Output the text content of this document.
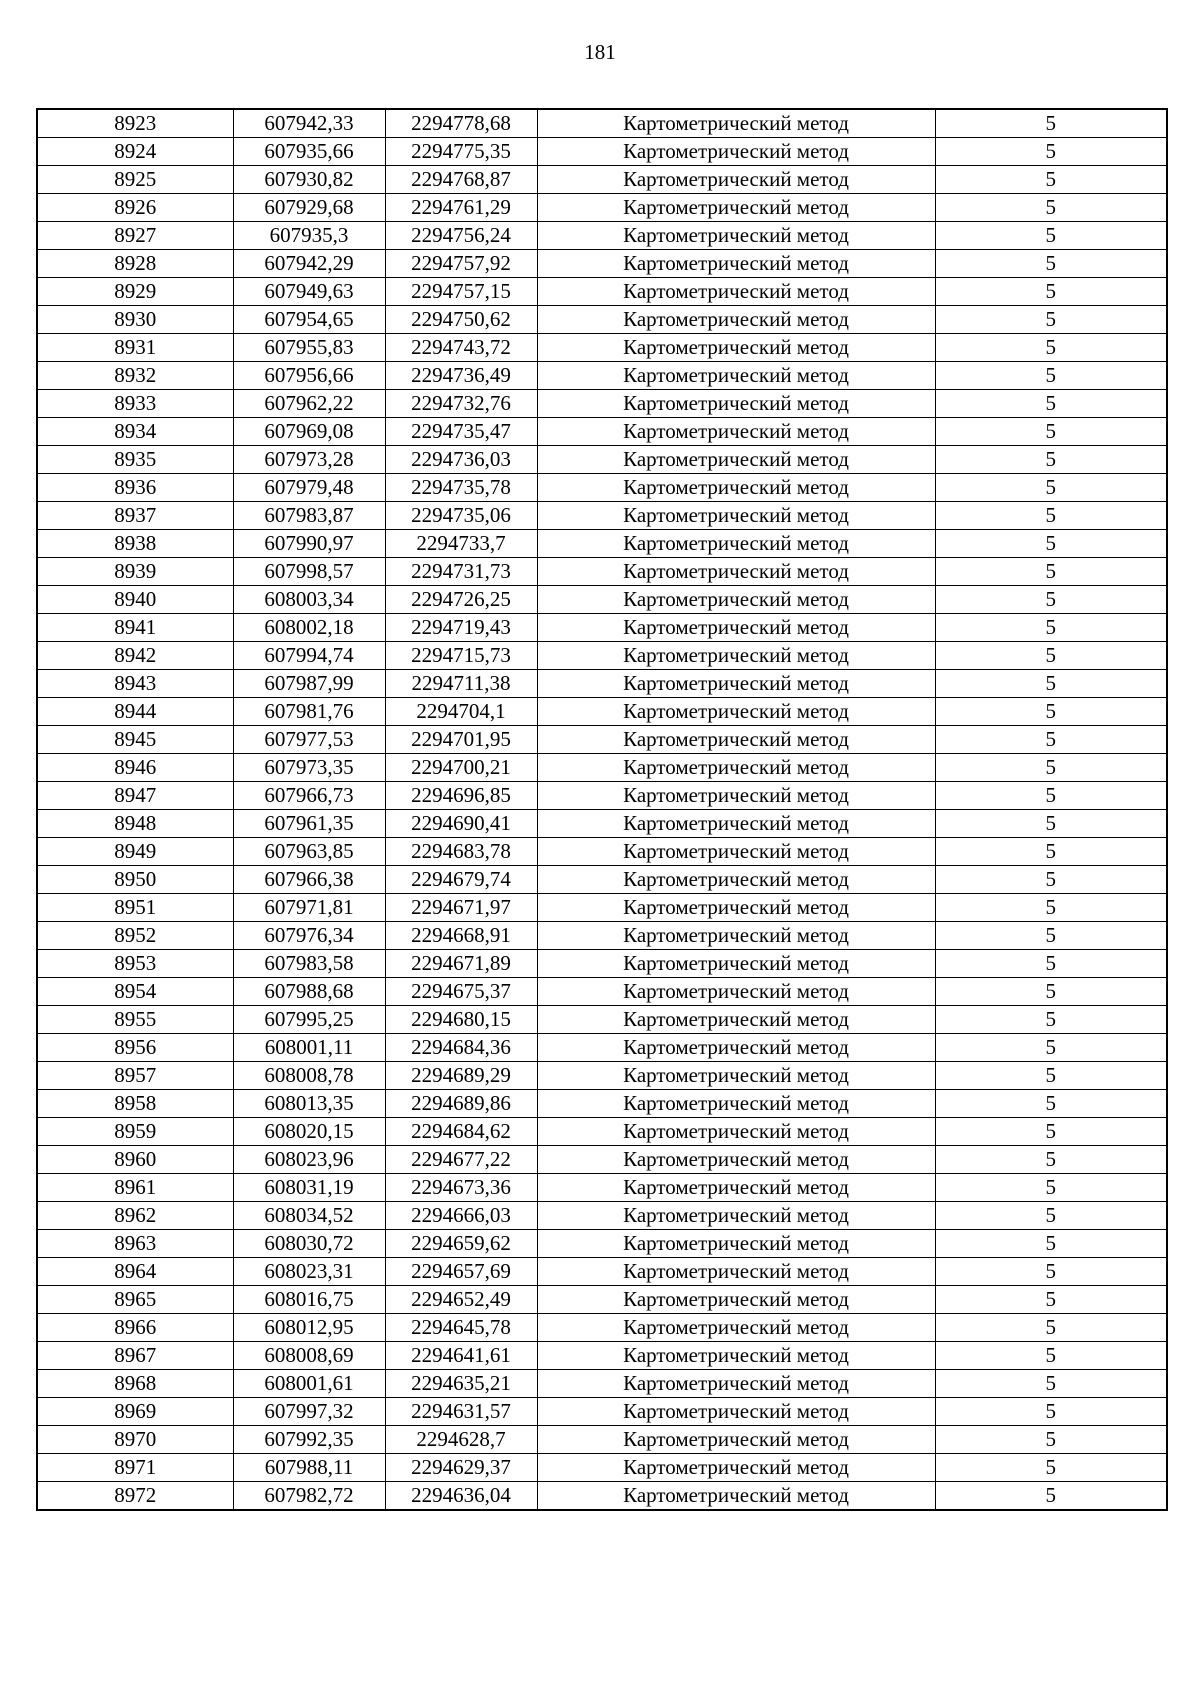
181
8923	607942,33	2294778,68	Картометрический метод	5
8924	607935,66	2294775,35	Картометрический метод	5
8925	607930,82	2294768,87	Картометрический метод	5
8926	607929,68	2294761,29	Картометрический метод	5
8927	607935,3	2294756,24	Картометрический метод	5
8928	607942,29	2294757,92	Картометрический метод	5
8929	607949,63	2294757,15	Картометрический метод	5
8930	607954,65	2294750,62	Картометрический метод	5
8931	607955,83	2294743,72	Картометрический метод	5
8932	607956,66	2294736,49	Картометрический метод	5
8933	607962,22	2294732,76	Картометрический метод	5
8934	607969,08	2294735,47	Картометрический метод	5
8935	607973,28	2294736,03	Картометрический метод	5
8936	607979,48	2294735,78	Картометрический метод	5
8937	607983,87	2294735,06	Картометрический метод	5
8938	607990,97	2294733,7	Картометрический метод	5
8939	607998,57	2294731,73	Картометрический метод	5
8940	608003,34	2294726,25	Картометрический метод	5
8941	608002,18	2294719,43	Картометрический метод	5
8942	607994,74	2294715,73	Картометрический метод	5
8943	607987,99	2294711,38	Картометрический метод	5
8944	607981,76	2294704,1	Картометрический метод	5
8945	607977,53	2294701,95	Картометрический метод	5
8946	607973,35	2294700,21	Картометрический метод	5
8947	607966,73	2294696,85	Картометрический метод	5
8948	607961,35	2294690,41	Картометрический метод	5
8949	607963,85	2294683,78	Картометрический метод	5
8950	607966,38	2294679,74	Картометрический метод	5
8951	607971,81	2294671,97	Картометрический метод	5
8952	607976,34	2294668,91	Картометрический метод	5
8953	607983,58	2294671,89	Картометрический метод	5
8954	607988,68	2294675,37	Картометрический метод	5
8955	607995,25	2294680,15	Картометрический метод	5
8956	608001,11	2294684,36	Картометрический метод	5
8957	608008,78	2294689,29	Картометрический метод	5
8958	608013,35	2294689,86	Картометрический метод	5
8959	608020,15	2294684,62	Картометрический метод	5
8960	608023,96	2294677,22	Картометрический метод	5
8961	608031,19	2294673,36	Картометрический метод	5
8962	608034,52	2294666,03	Картометрический метод	5
8963	608030,72	2294659,62	Картометрический метод	5
8964	608023,31	2294657,69	Картометрический метод	5
8965	608016,75	2294652,49	Картометрический метод	5
8966	608012,95	2294645,78	Картометрический метод	5
8967	608008,69	2294641,61	Картометрический метод	5
8968	608001,61	2294635,21	Картометрический метод	5
8969	607997,32	2294631,57	Картометрический метод	5
8970	607992,35	2294628,7	Картометрический метод	5
8971	607988,11	2294629,37	Картометрический метод	5
8972	607982,72	2294636,04	Картометрический метод	5
